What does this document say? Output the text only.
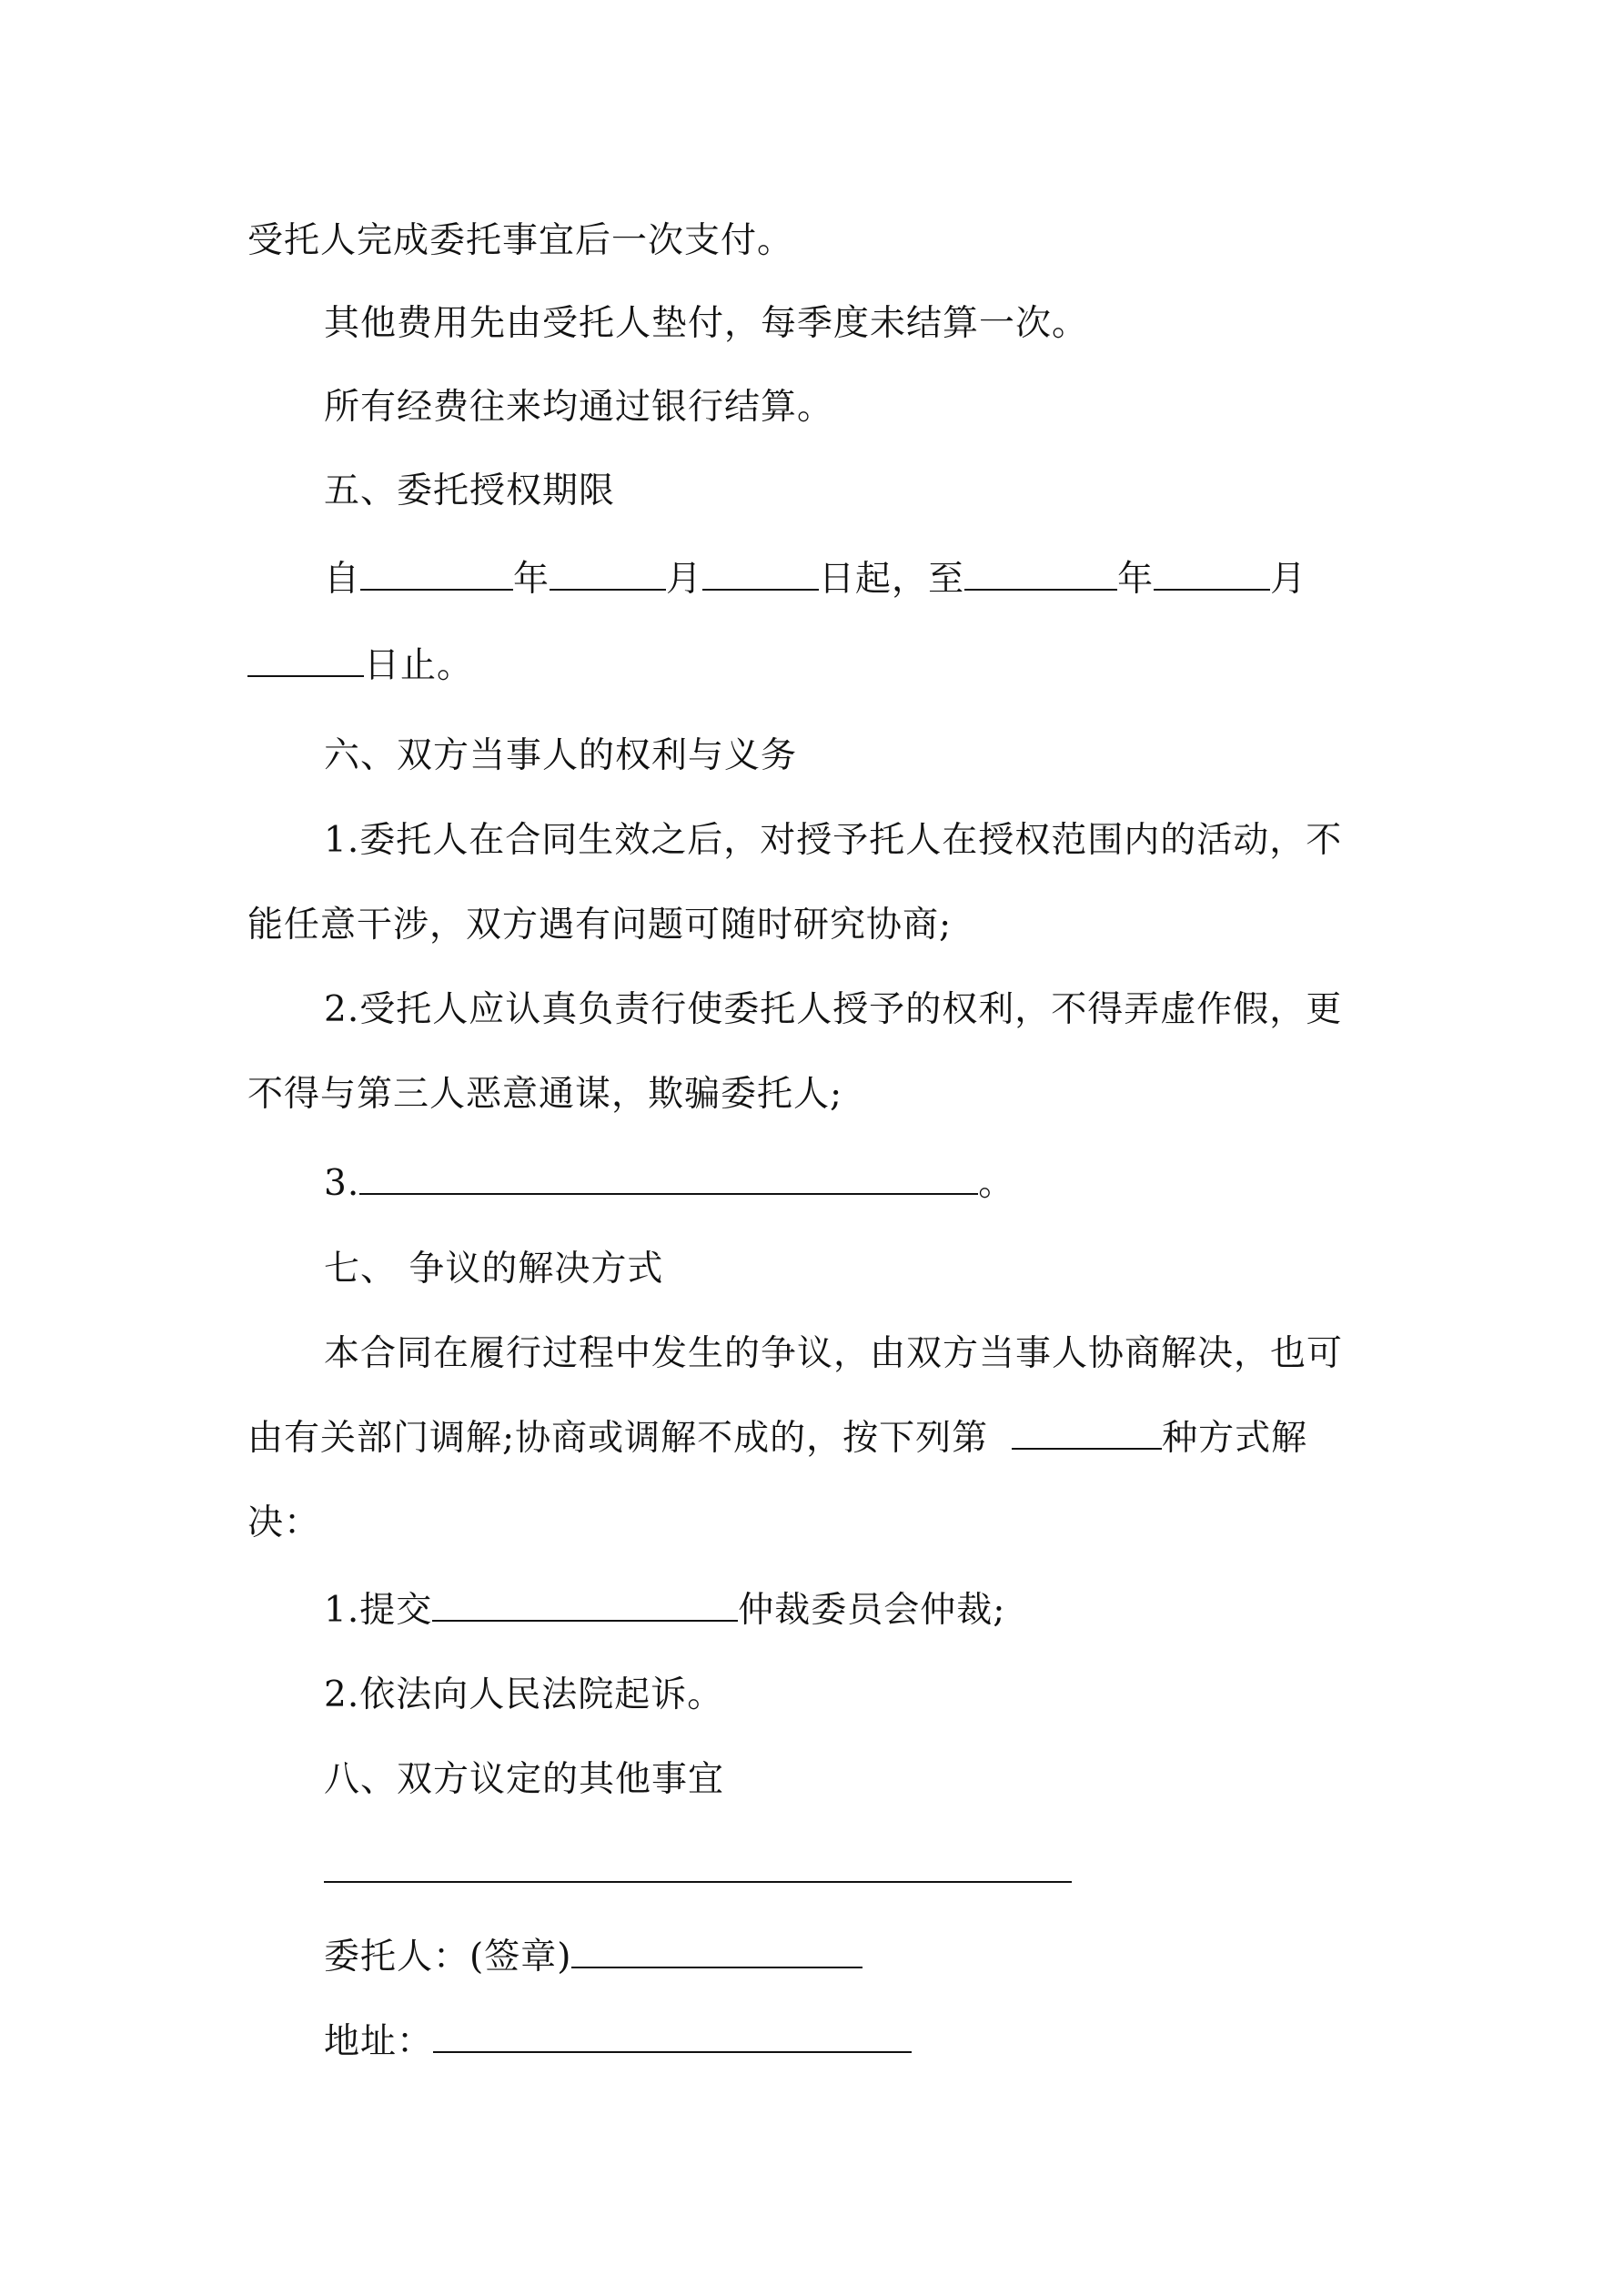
受托人完成委托事宜后一次支付。
其他费用先由受托人垫付，每季度未结算一次。
所有经费往来均通过银行结算。
五、委托授权期限
自	年	月	日起，至	年	月
日止。
六、双方当事人的权利与义务
1.委托人在合同生效之后，对授予托人在授权范围内的活动，不
能任意干涉，双方遇有问题可随时研究协商;
2.受托人应认真负责行使委托人授予的权利，不得弄虚作假，更
不得与第三人恶意通谋，欺骗委托人;
3.	。
七、 争议的解决方式
本合同在履行过程中发生的争议，由双方当事人协商解决，也可
由有关部门调解;协商或调解不成的，按下列第	种方式解
决：
1.提交	仲裁委员会仲裁;
2.依法向人民法院起诉。
八、双方议定的其他事宜
委托人：(签章)
地址：
